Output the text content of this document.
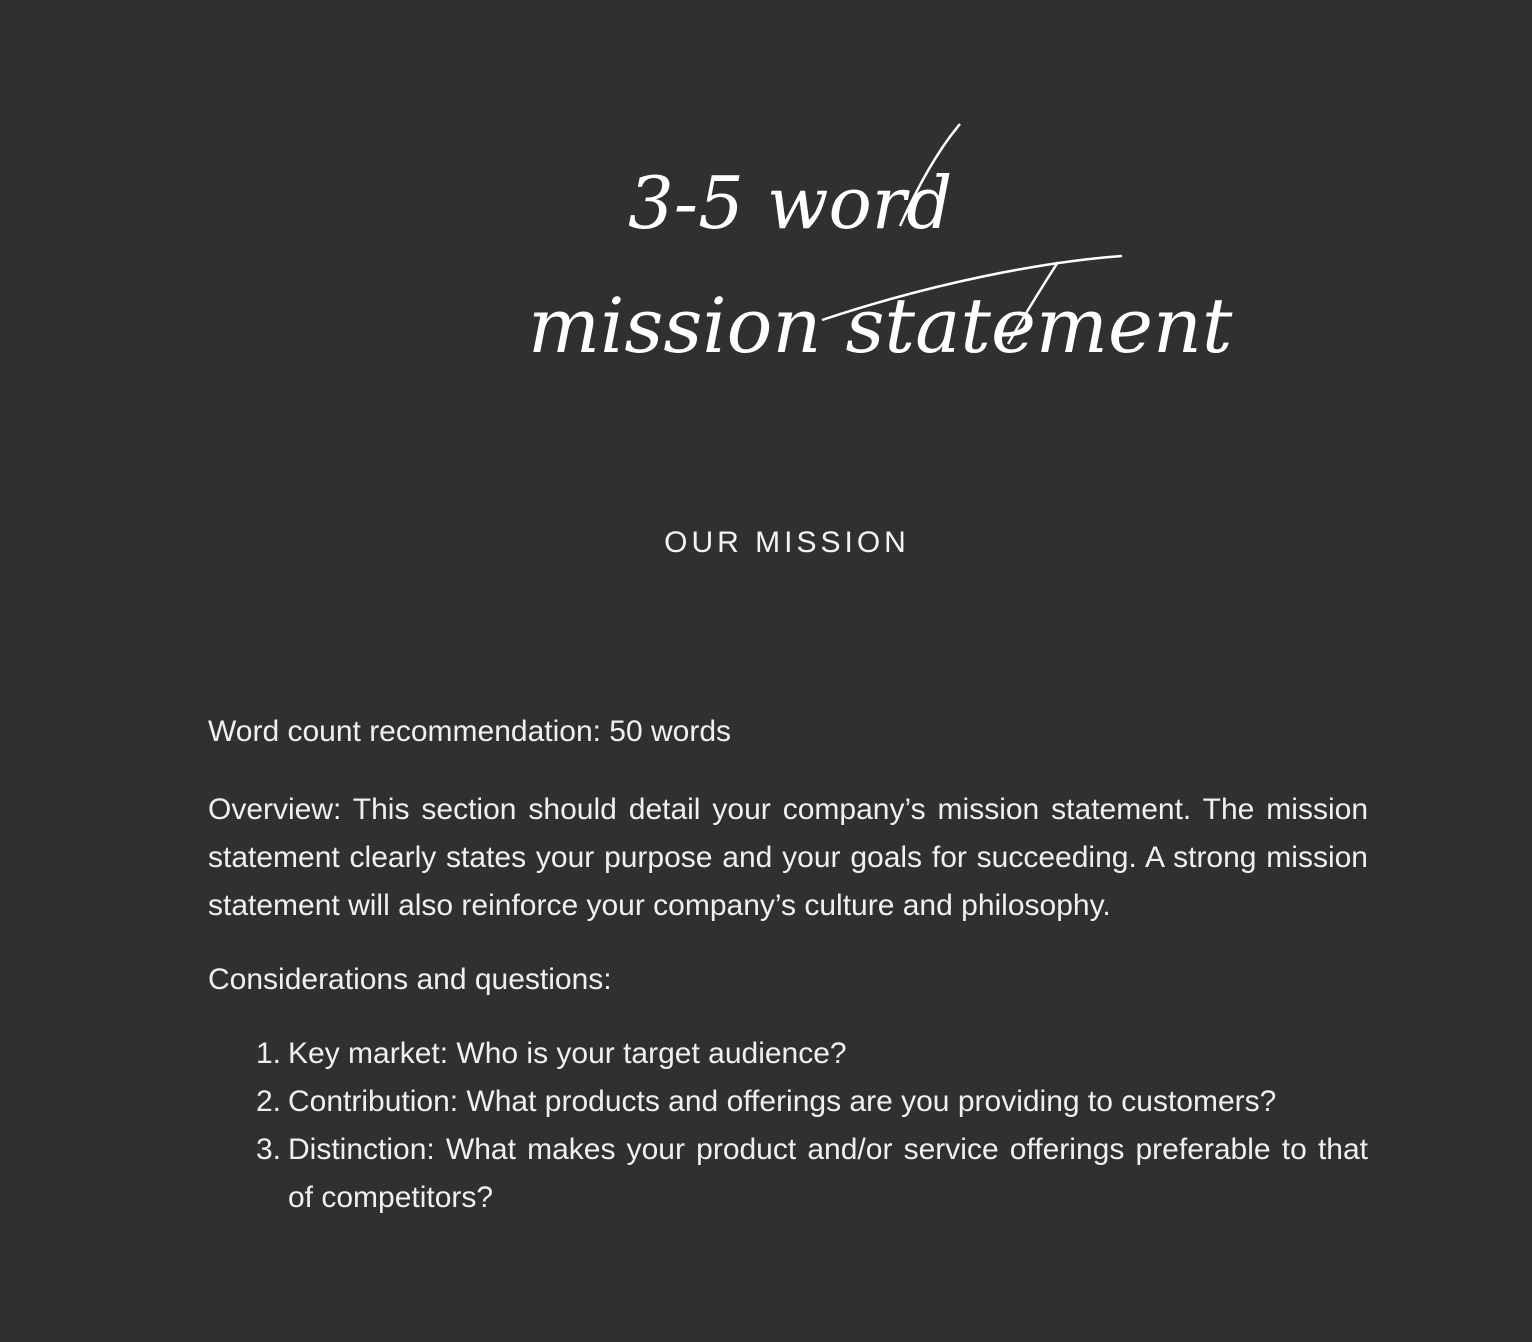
3-5 word
mission statement
OUR MISSION

Word count recommendation: 50 words

Overview: This section should detail your company’s mission statement. The mission statement clearly states your purpose and your goals for succeeding. A strong mission statement will also reinforce your company’s culture and philosophy.

Considerations and questions:

1. Key market: Who is your target audience?
2. Contribution: What products and offerings are you providing to customers?
3. Distinction: What makes your product and/or service offerings preferable to that of competitors?
